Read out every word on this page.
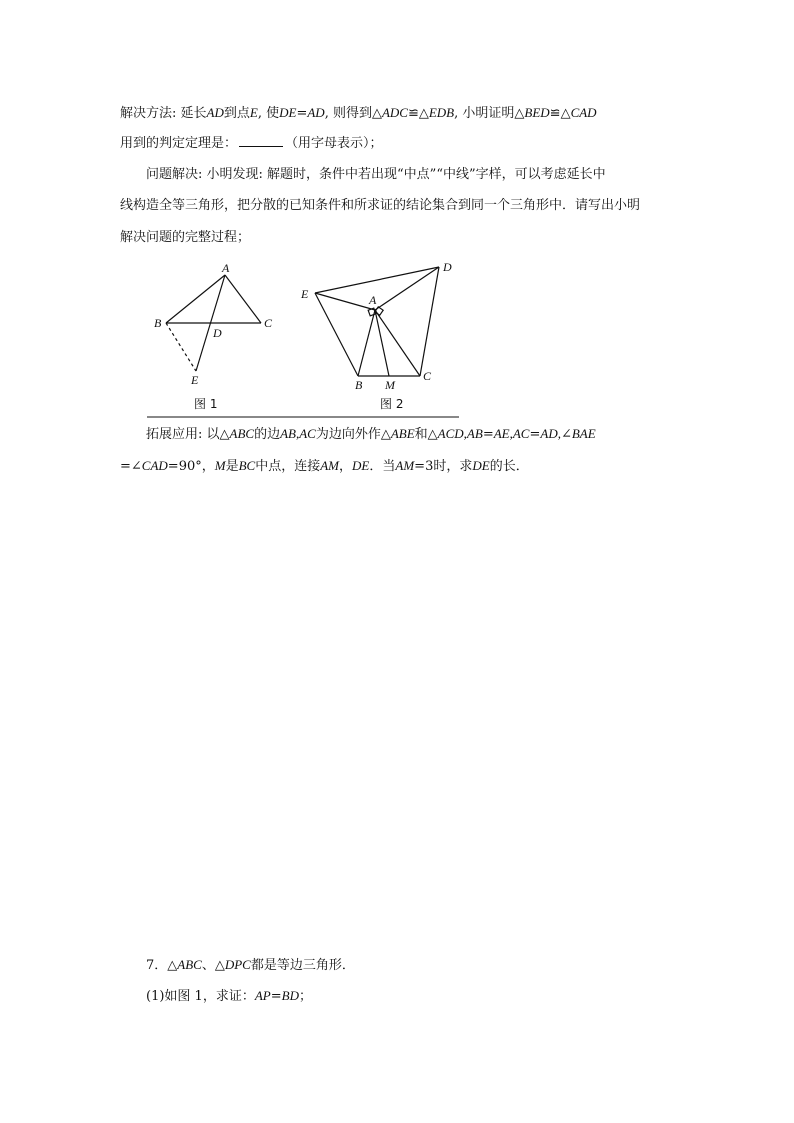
解决方法: 延长AD到点E, 使DE=AD, 则得到△ADC≌△EDB, 小明证明△BED≌△CAD
用到的判定定理是：	（用字母表示）；
问题解决: 小明发现: 解题时，条件中若出现“中点”“中线”字样，可以考虑延长中
线构造全等三角形，把分散的已知条件和所求证的结论集合到同一个三角形中．请写出小明
解决问题的完整过程；
A
B	C
D
E
图 1
A
B
C
D
E
M
图 2
拓展应用: 以△ABC的边AB,AC为边向外作△ABE和△ACD,AB=AE,AC=AD,∠BAE
=∠CAD=90°，M是BC中点，连接AM，DE．当AM=3时，求DE的长．
7．△ABC、△DPC都是等边三角形．
(1)如图 1，求证：AP=BD；
